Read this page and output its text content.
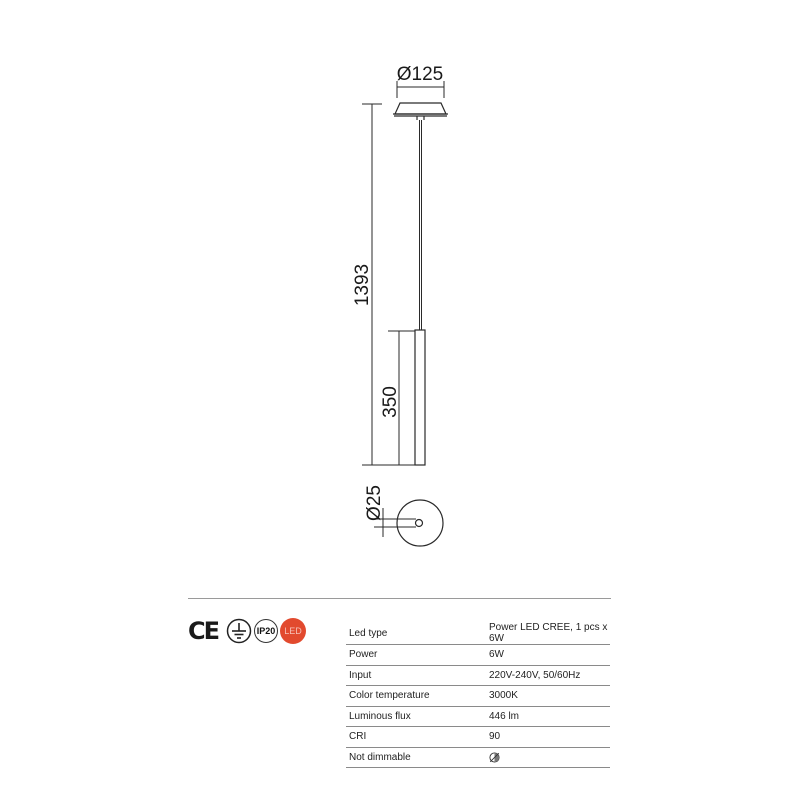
Ø125
1393
350
Ø25
CE	IP20 LED	Led type	Power LED CREE, 1 pcs x 6W
Power	6W
Input	220V-240V, 50/60Hz
Color temperature	3000K
Luminous flux	446 lm
CRI	90
Not dimmable	
